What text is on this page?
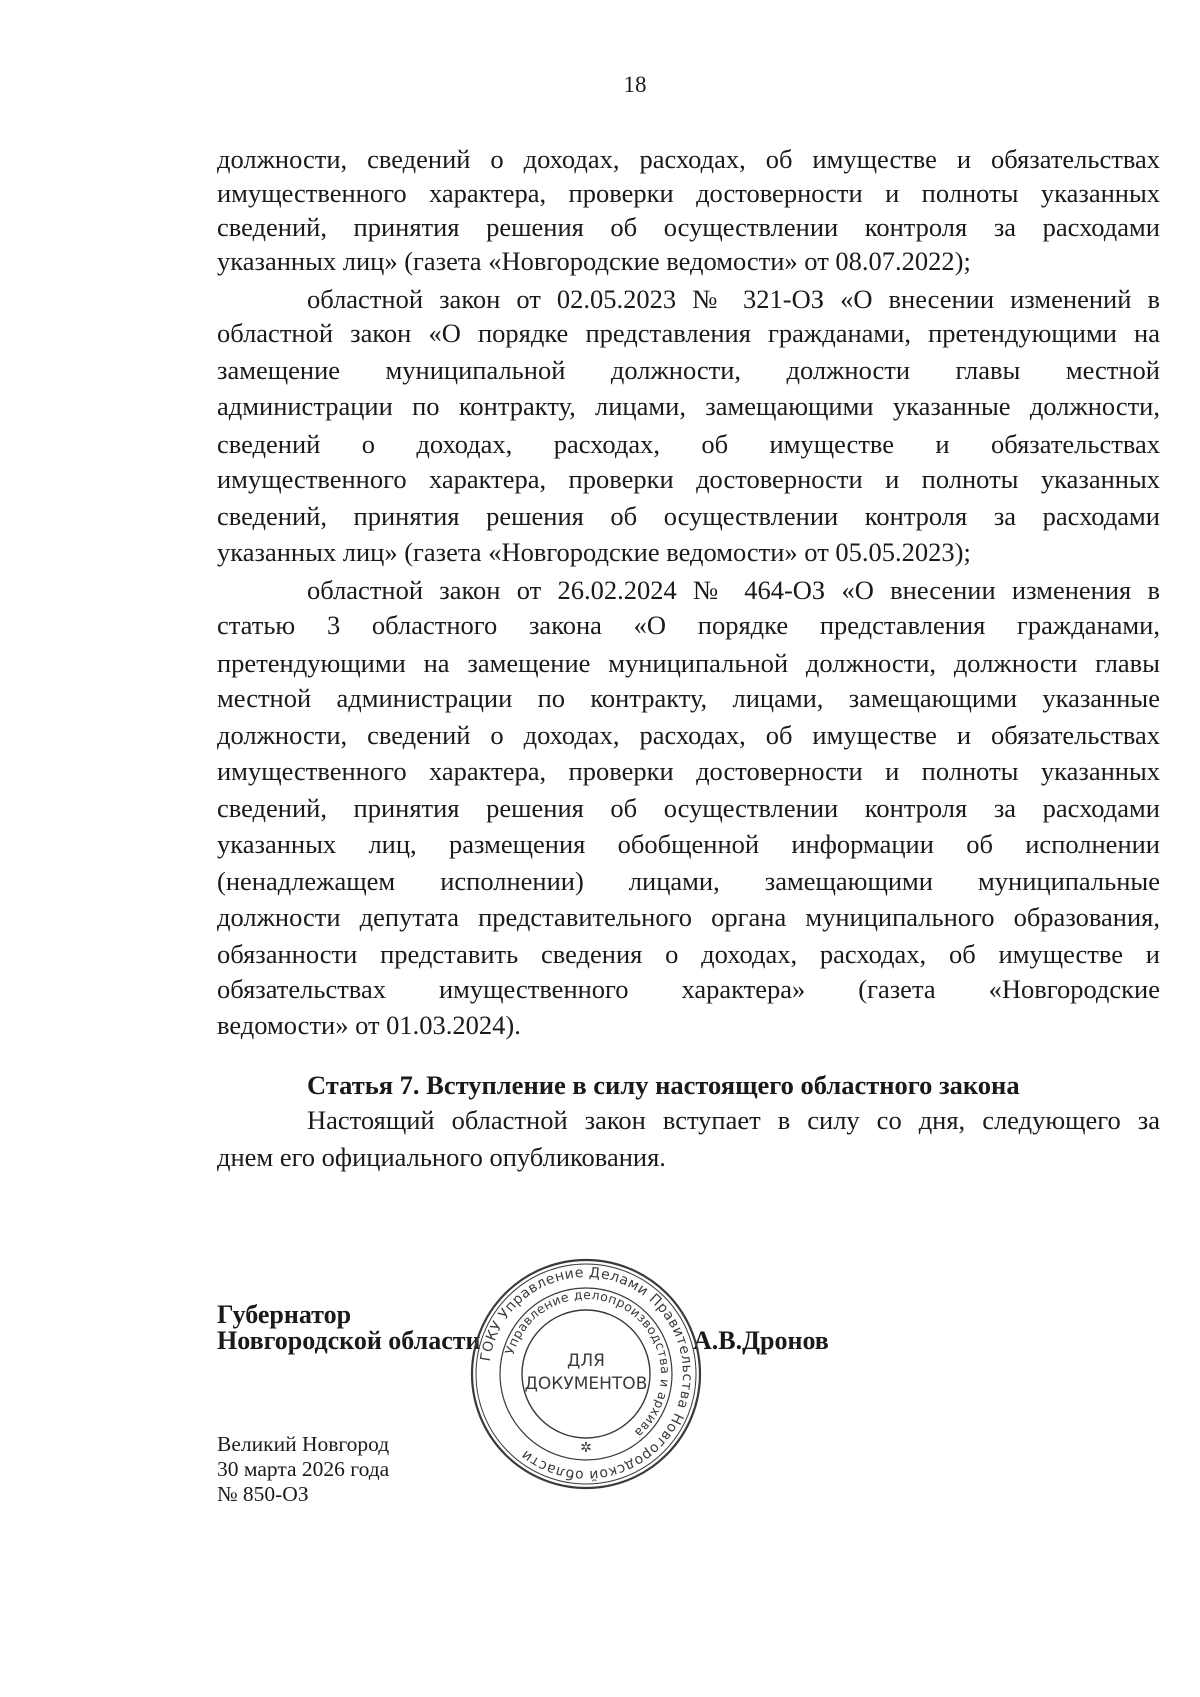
18
должности, сведений о доходах, расходах, об имуществе и обязательствах
имущественного характера, проверки достоверности и полноты указанных
сведений, принятия решения об осуществлении контроля за расходами
указанных лиц» (газета «Новгородские ведомости» от 08.07.2022);
областной закон от 02.05.2023 № 321-ОЗ «О внесении изменений в
областной закон «О порядке представления гражданами, претендующими на
замещение муниципальной должности, должности главы местной
администрации по контракту, лицами, замещающими указанные должности,
сведений о доходах, расходах, об имуществе и обязательствах
имущественного характера, проверки достоверности и полноты указанных
сведений, принятия решения об осуществлении контроля за расходами
указанных лиц» (газета «Новгородские ведомости» от 05.05.2023);
областной закон от 26.02.2024 № 464-ОЗ «О внесении изменения в
статью 3 областного закона «О порядке представления гражданами,
претендующими на замещение муниципальной должности, должности главы
местной администрации по контракту, лицами, замещающими указанные
должности, сведений о доходах, расходах, об имуществе и обязательствах
имущественного характера, проверки достоверности и полноты указанных
сведений, принятия решения об осуществлении контроля за расходами
указанных лиц, размещения обобщенной информации об исполнении
(ненадлежащем исполнении) лицами, замещающими муниципальные
должности депутата представительного органа муниципального образования,
обязанности представить сведения о доходах, расходах, об имуществе и
обязательствах имущественного характера» (газета «Новгородские
ведомости» от 01.03.2024).
Статья 7. Вступление в силу настоящего областного закона
Настоящий областной закон вступает в силу со дня, следующего за
днем его официального опубликования.
Губернатор
Новгородской области	А.В.Дронов
Великий Новгород
30 марта 2026 года
№ 850-ОЗ
ГОКУ Управление Делами Правительства Новгородской области
Управление делопроизводства и архива
ДЛЯ
ДОКУМЕНТОВ
✲
